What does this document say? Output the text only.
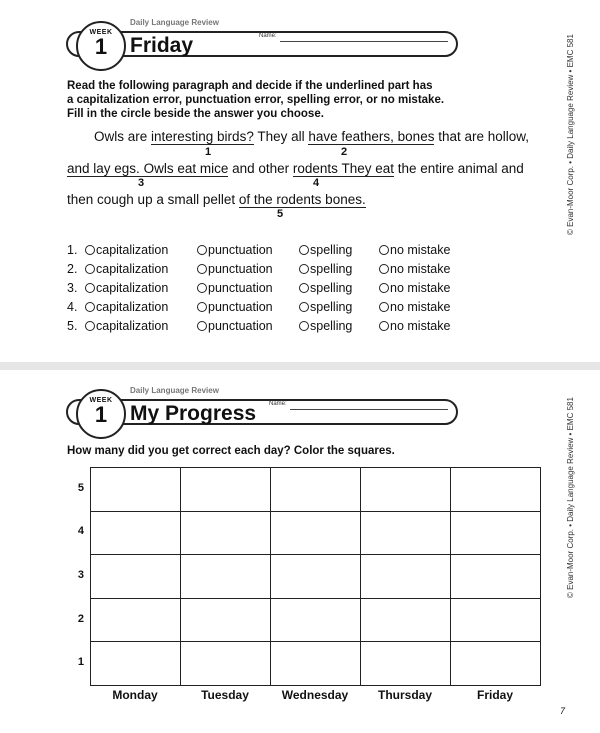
Daily Language Review
WEEK
1	Friday	Name:	© Evan-Moor Corp. • Daily Language Review • EMC 581
Read the following paragraph and decide if the underlined part has
a capitalization error, punctuation error, spelling error, or no mistake.
Fill in the circle beside the answer you choose.
Owls are interesting birds? They all have feathers, bones that are hollow,
1	2
and lay egs. Owls eat mice and other rodents They eat the entire animal and
3	4
then cough up a small pellet of the rodents bones.
5
1.	capitalization	punctuation	spelling	no mistake
2.	capitalization	punctuation	spelling	no mistake
3.	capitalization	punctuation	spelling	no mistake
4.	capitalization	punctuation	spelling	no mistake
5.	capitalization	punctuation	spelling	no mistake
Daily Language Review
WEEK
1	My Progress Name:	© Evan-Moor Corp. • Daily Language Review • EMC 581
How many did you get correct each day? Color the squares.
5
4
3
2
1
Monday	Tuesday	Wednesday	Thursday	Friday
7
